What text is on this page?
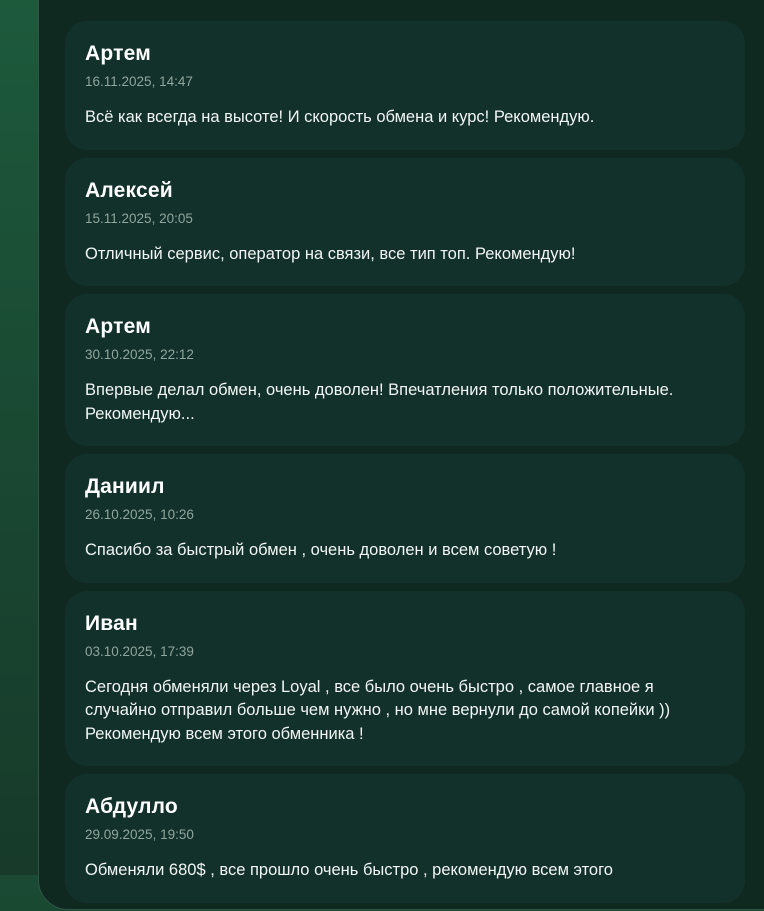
Артем
16.11.2025, 14:47
Всё как всегда на высоте! И скорость обмена и курс! Рекомендую.
Алексей
15.11.2025, 20:05
Отличный сервис, оператор на связи, все тип топ. Рекомендую!
Артем
30.10.2025, 22:12
Впервые делал обмен, очень доволен! Впечатления только положительные. Рекомендую...
Даниил
26.10.2025, 10:26
Спасибо за быстрый обмен , очень доволен и всем советую !
Иван
03.10.2025, 17:39
Сегодня обменяли через Loyal , все было очень быстро , самое главное я случайно отправил больше чем нужно , но мне вернули до самой копейки )) Рекомендую всем этого обменника !
Абдулло
29.09.2025, 19:50
Обменяли 680$ , все прошло очень быстро , рекомендую всем этого
